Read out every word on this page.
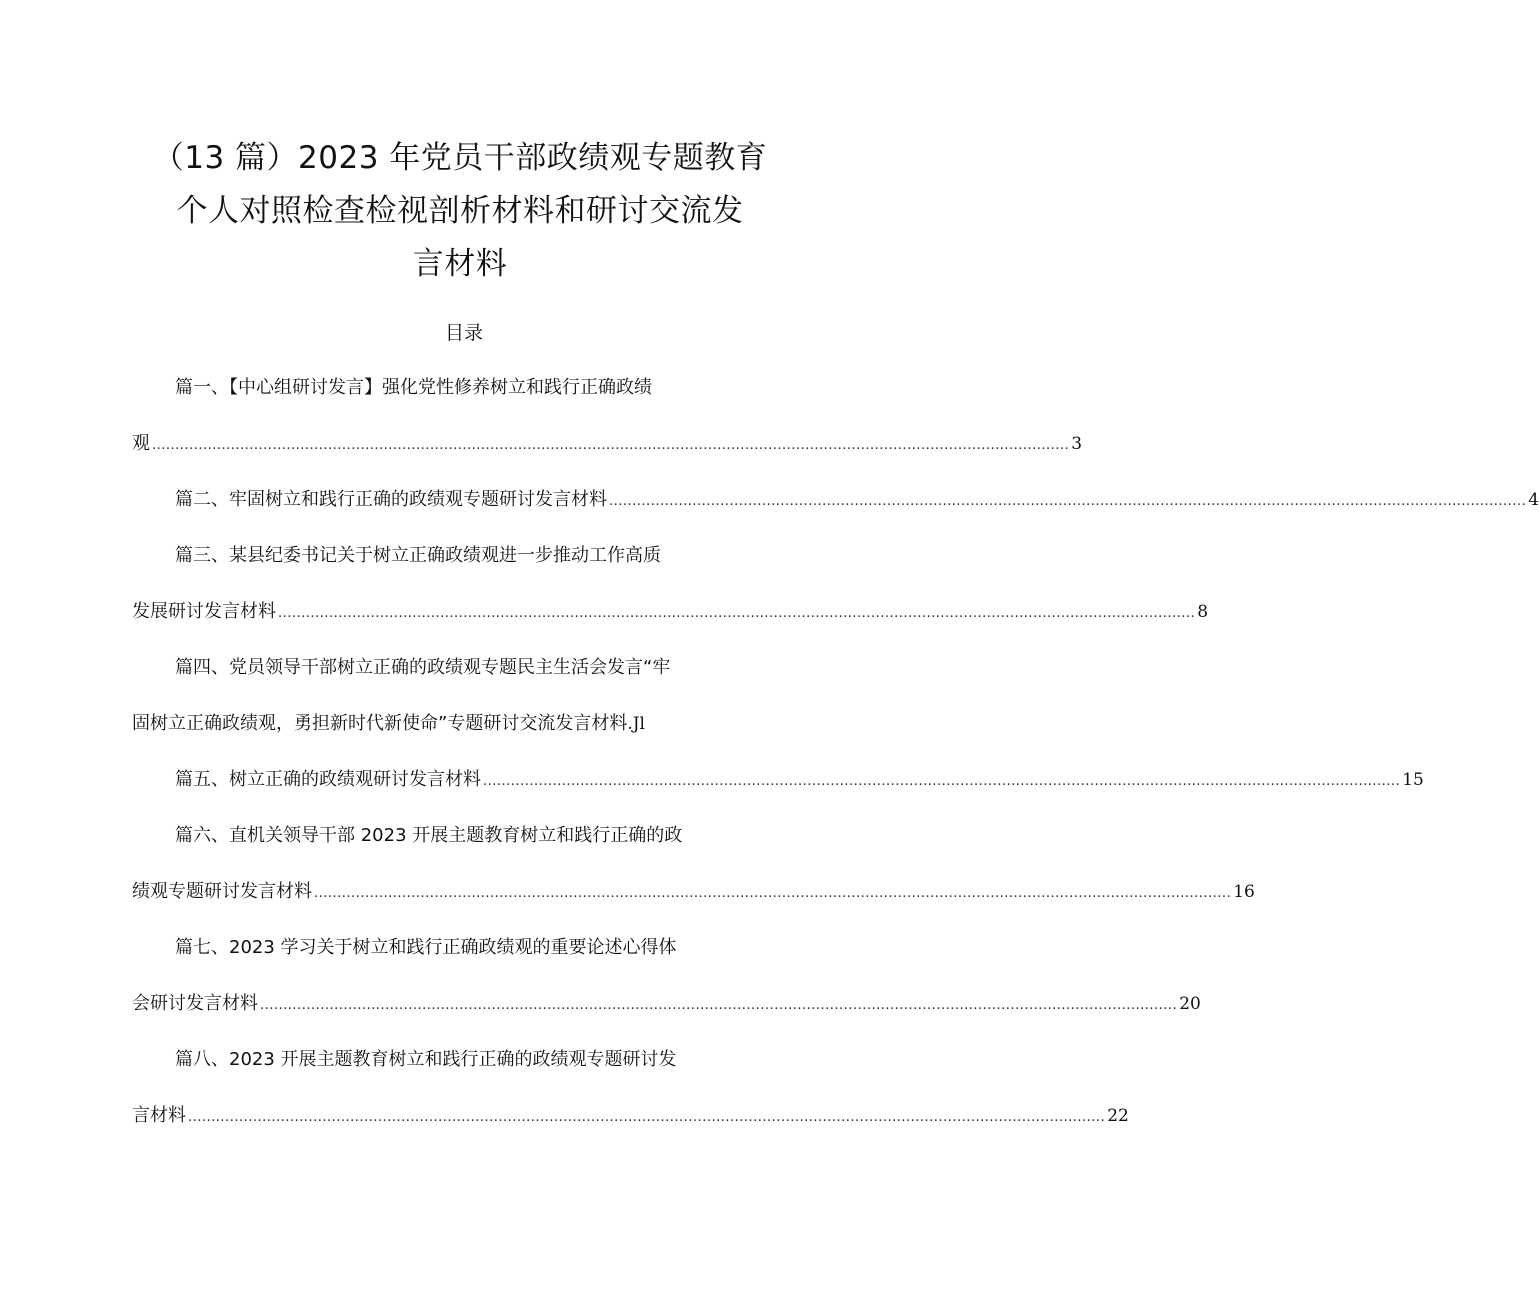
（13 篇）2023 年党员干部政绩观专题教育
个人对照检查检视剖析材料和研讨交流发
言材料
目录
篇一、【中心组研讨发言】强化党性修养树立和践行正确政绩
观 ...................................................................................................................................................................................................... 3
篇二、牢固树立和践行正确的政绩观专题研讨发言材料 ...................................................................................................................................................................................................... 4
篇三、某县纪委书记关于树立正确政绩观进一步推动工作高质
发展研讨发言材料 ...................................................................................................................................................................................................... 8
篇四、党员领导干部树立正确的政绩观专题民主生活会发言“牢
固树立正确政绩观，勇担新时代新使命”专题研讨交流发言材料 .Jl
篇五、树立正确的政绩观研讨发言材料 ...................................................................................................................................................................................................... 15
篇六、直机关领导干部 2023 开展主题教育树立和践行正确的政
绩观专题研讨发言材料 ...................................................................................................................................................................................................... 16
篇七、2023 学习关于树立和践行正确政绩观的重要论述心得体
会研讨发言材料 ...................................................................................................................................................................................................... 20
篇八、2023 开展主题教育树立和践行正确的政绩观专题研讨发
言材料 ...................................................................................................................................................................................................... 22
